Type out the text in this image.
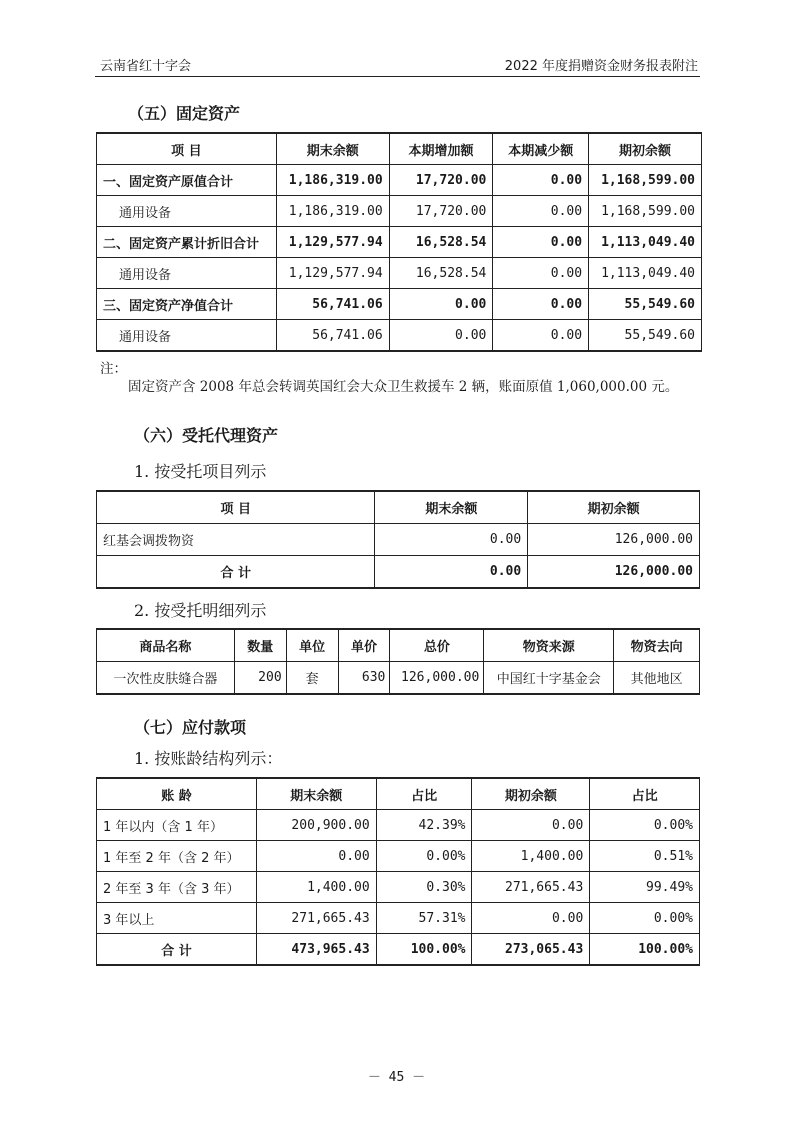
云南省红十字会	2022 年度捐赠资金财务报表附注
（五）固定资产
项 目	期末余额	本期增加额	本期减少额	期初余额
一、固定资产原值合计	1,186,319.00	17,720.00	0.00	1,168,599.00
通用设备	1,186,319.00	17,720.00	0.00	1,168,599.00
二、固定资产累计折旧合计	1,129,577.94	16,528.54	0.00	1,113,049.40
通用设备	1,129,577.94	16,528.54	0.00	1,113,049.40
三、固定资产净值合计	56,741.06	0.00	0.00	55,549.60
通用设备	56,741.06	0.00	0.00	55,549.60
注：
固定资产含 2008 年总会转调英国红会大众卫生救援车 2 辆，账面原值 1,060,000.00 元。
（六）受托代理资产
1. 按受托项目列示
项 目	期末余额	期初余额
红基会调拨物资	0.00	126,000.00
合 计	0.00	126,000.00
2. 按受托明细列示
商品名称	数量	单位	单价	总价	物资来源	物资去向
一次性皮肤缝合器	200	套	630	126,000.00	中国红十字基金会	其他地区
（七）应付款项
1. 按账龄结构列示：
账 龄	期末余额	占比	期初余额	占比
1 年以内（含 1 年）	200,900.00	42.39%	0.00	0.00%
1 年至 2 年（含 2 年）	0.00	0.00%	1,400.00	0.51%
2 年至 3 年（含 3 年）	1,400.00	0.30%	271,665.43	99.49%
3 年以上	271,665.43	57.31%	0.00	0.00%
合 计	473,965.43	100.00%	273,065.43	100.00%
－ 45 －
